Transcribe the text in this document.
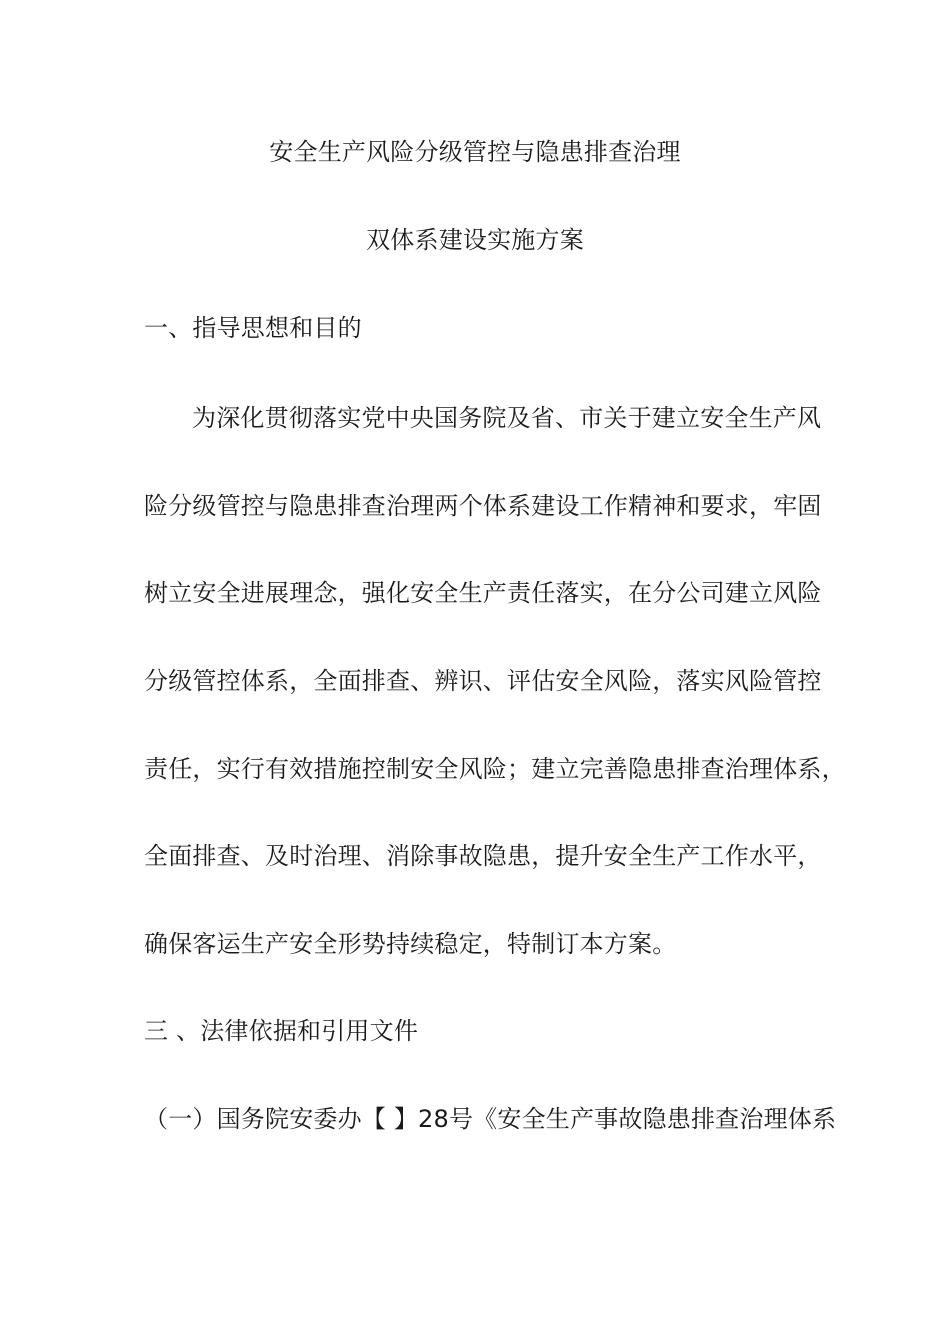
安全生产风险分级管控与隐患排查治理
双体系建设实施方案
一、指导思想和目的
为深化贯彻落实党中央国务院及省、市关于建立安全生产风
险分级管控与隐患排查治理两个体系建设工作精神和要求，牢固
树立安全进展理念，强化安全生产责任落实，在分公司建立风险
分级管控体系，全面排查、辨识、评估安全风险，落实风险管控
责任，实行有效措施控制安全风险；建立完善隐患排查治理体系，
全面排查、及时治理、消除事故隐患，提升安全生产工作水平，
确保客运生产安全形势持续稳定，特制订本方案。
三 、法律依据和引用文件
（一）国务院安委办【 】28号《安全生产事故隐患排查治理体系
